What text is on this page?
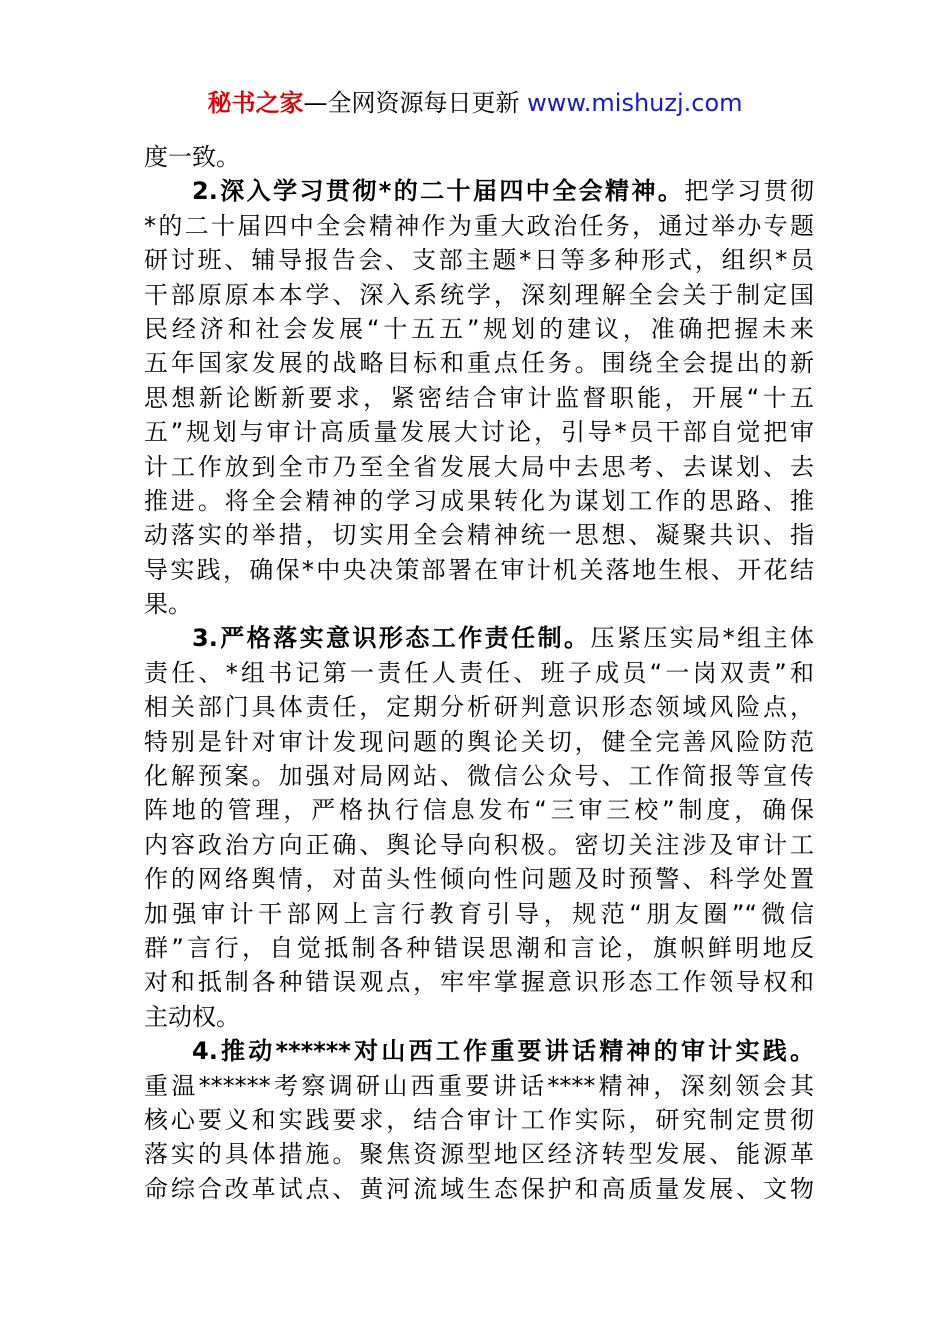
秘书之家—全网资源每日更新 www.mishuzj.com
度一致。
2.深入学习贯彻*的二十届四中全会精神。把学习贯彻
*的二十届四中全会精神作为重大政治任务，通过举办专题
研讨班、辅导报告会、支部主题*日等多种形式，组织*员
干部原原本本学、深入系统学，深刻理解全会关于制定国
民经济和社会发展“十五五”规划的建议，准确把握未来
五年国家发展的战略目标和重点任务。围绕全会提出的新
思想新论断新要求，紧密结合审计监督职能，开展“十五
五”规划与审计高质量发展大讨论，引导*员干部自觉把审
计工作放到全市乃至全省发展大局中去思考、去谋划、去
推进。将全会精神的学习成果转化为谋划工作的思路、推
动落实的举措，切实用全会精神统一思想、凝聚共识、指
导实践，确保*中央决策部署在审计机关落地生根、开花结
果。
3.严格落实意识形态工作责任制。压紧压实局*组主体
责任、*组书记第一责任人责任、班子成员“一岗双责”和
相关部门具体责任，定期分析研判意识形态领域风险点，
特别是针对审计发现问题的舆论关切，健全完善风险防范
化解预案。加强对局网站、微信公众号、工作简报等宣传
阵地的管理，严格执行信息发布“三审三校”制度，确保
内容政治方向正确、舆论导向积极。密切关注涉及审计工
作的网络舆情，对苗头性倾向性问题及时预警、科学处置
加强审计干部网上言行教育引导，规范“朋友圈”“微信
群”言行，自觉抵制各种错误思潮和言论，旗帜鲜明地反
对和抵制各种错误观点，牢牢掌握意识形态工作领导权和
主动权。
4.推动******对山西工作重要讲话精神的审计实践。
重温******考察调研山西重要讲话****精神，深刻领会其
核心要义和实践要求，结合审计工作实际，研究制定贯彻
落实的具体措施。聚焦资源型地区经济转型发展、能源革
命综合改革试点、黄河流域生态保护和高质量发展、文物
